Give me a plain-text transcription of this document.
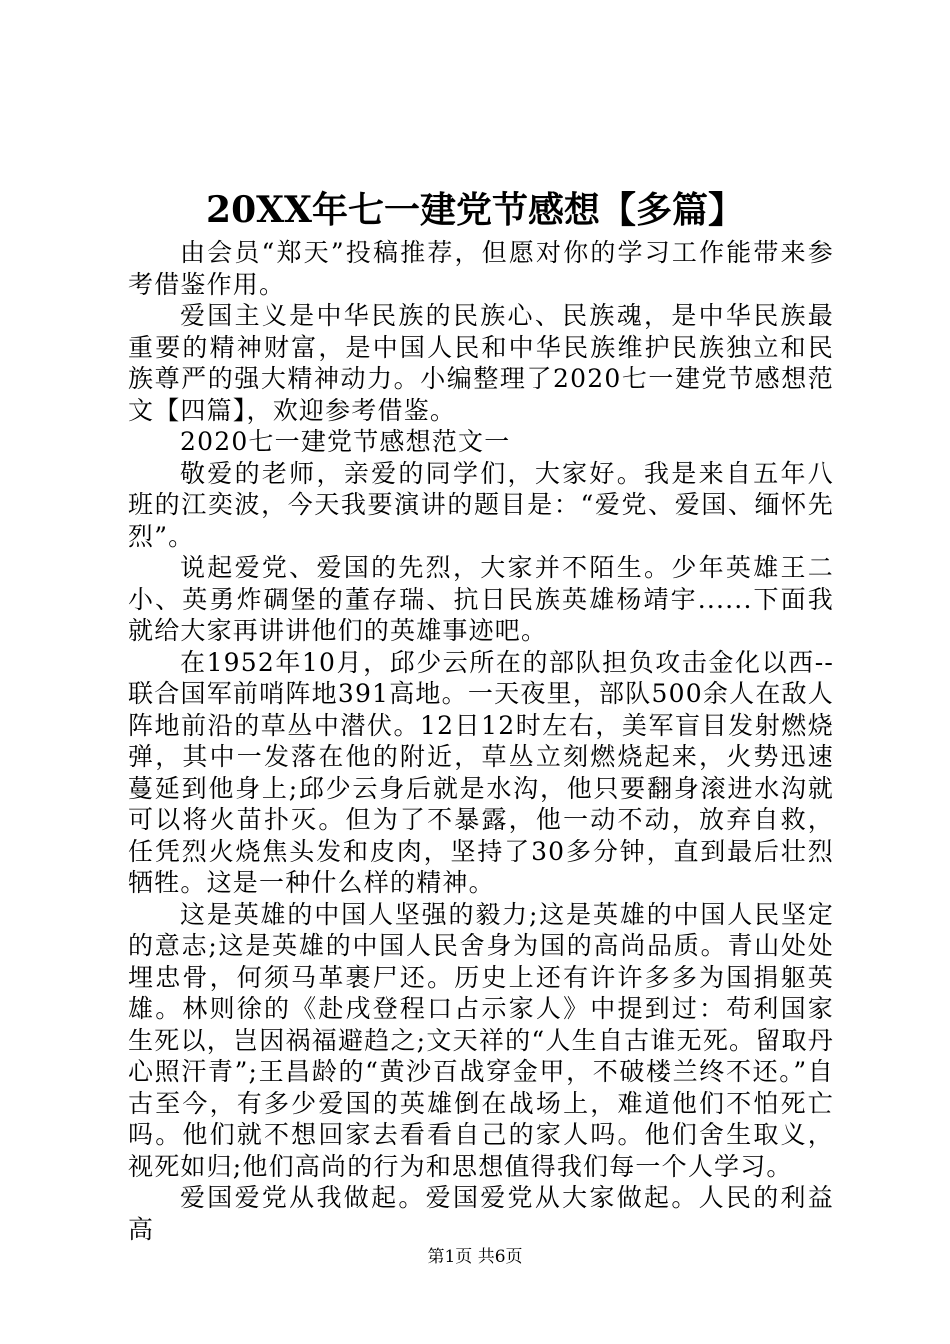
20XX年七一建党节感想【多篇】

由会员“郑天”投稿推荐，但愿对你的学习工作能带来参考借鉴作用。

爱国主义是中华民族的民族心、民族魂，是中华民族最重要的精神财富，是中国人民和中华民族维护民族独立和民族尊严的强大精神动力。小编整理了2020七一建党节感想范文【四篇】，欢迎参考借鉴。

2020七一建党节感想范文一

敬爱的老师，亲爱的同学们，大家好。我是来自五年八班的江奕波，今天我要演讲的题目是：“爱党、爱国、缅怀先烈”。

说起爱党、爱国的先烈，大家并不陌生。少年英雄王二小、英勇炸碉堡的董存瑞、抗日民族英雄杨靖宇......下面我就给大家再讲讲他们的英雄事迹吧。

在1952年10月，邱少云所在的部队担负攻击金化以西--联合国军前哨阵地391高地。一天夜里，部队500余人在敌人阵地前沿的草丛中潜伏。12日12时左右，美军盲目发射燃烧弹，其中一发落在他的附近，草丛立刻燃烧起来，火势迅速蔓延到他身上;邱少云身后就是水沟，他只要翻身滚进水沟就可以将火苗扑灭。但为了不暴露，他一动不动，放弃自救，任凭烈火烧焦头发和皮肉，坚持了30多分钟，直到最后壮烈牺牲。这是一种什么样的精神。

这是英雄的中国人坚强的毅力;这是英雄的中国人民坚定的意志;这是英雄的中国人民舍身为国的高尚品质。青山处处埋忠骨，何须马革裹尸还。历史上还有许许多多为国捐躯英雄。林则徐的《赴戌登程口占示家人》中提到过：苟利国家生死以，岂因祸福避趋之;文天祥的“人生自古谁无死。留取丹心照汗青”;王昌龄的“黄沙百战穿金甲，不破楼兰终不还。”自古至今，有多少爱国的英雄倒在战场上，难道他们不怕死亡吗。他们就不想回家去看看自己的家人吗。他们舍生取义，视死如归;他们高尚的行为和思想值得我们每一个人学习。

爱国爱党从我做起。爱国爱党从大家做起。人民的利益高

第1页 共6页
